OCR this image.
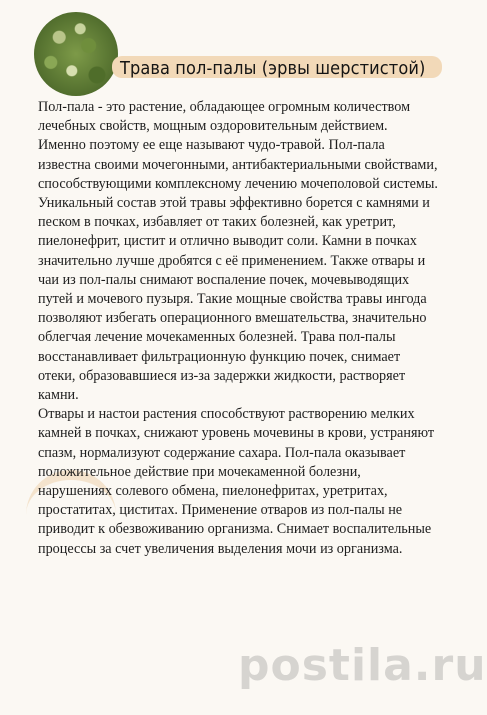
Трава пол-палы (эрвы шерстистой)

Пол-пала - это растение, обладающее огромным количеством лечебных свойств, мощным оздоровительным действием. Именно поэтому ее еще называют чудо-травой. Пол-пала известна своими мочегонными, антибактериальными свойствами, способствующими комплексному лечению мочеполовой системы. Уникальный состав этой травы эффективно борется с камнями и песком в почках, избавляет от таких болезней, как уретрит, пиелонефрит, цистит и отлично выводит соли. Камни в почках значительно лучше дробятся с её применением. Также отвары и чаи из пол-палы снимают воспаление почек, мочевыводящих путей и мочевого пузыря. Такие мощные свойства травы ингода позволяют избегать операционного вмешательства, значительно облегчая лечение мочекаменных болезней. Трава пол-палы восстанавливает фильтрационную функцию почек, снимает отеки, образовавшиеся из-за задержки жидкости, растворяет камни.

Отвары и настои растения способствуют растворению мелких камней в почках, снижают уровень мочевины в крови, устраняют спазм, нормализуют содержание сахара. Пол-пала оказывает положительное действие при мочекаменной болезни, нарушениях солевого обмена, пиелонефритах, уретритах, простатитах, циститах. Применение отваров из пол-палы не приводит к обезвоживанию организма. Снимает воспалительные процессы за счет увеличения выделения мочи из организма.

postila.ru
